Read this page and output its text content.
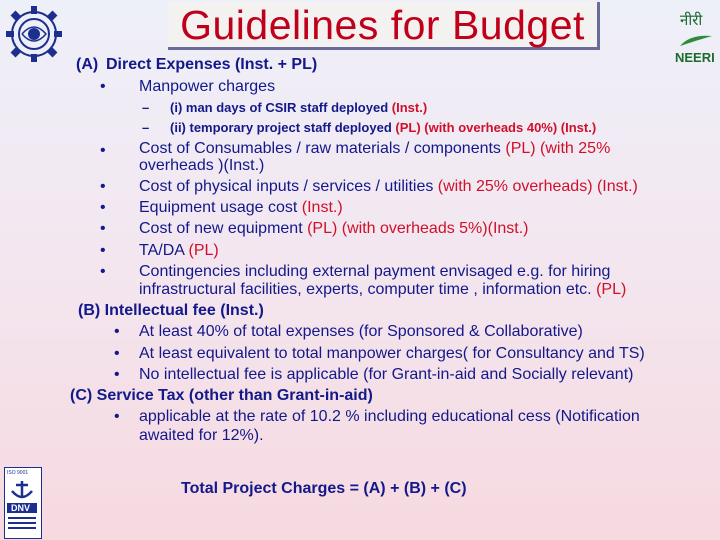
Guidelines for Budget	नीरी
NEERI
ISO 9001
DNV
(A) Direct Expenses (Inst. + PL)
• Manpower charges
– (i) man days of CSIR staff deployed (Inst.)
– (ii) temporary project staff deployed (PL) (with overheads 40%) (Inst.)
• Cost of Consumables / raw materials / components (PL) (with 25%
overheads )(Inst.)
• Cost of physical inputs / services / utilities (with 25% overheads) (Inst.)
• Equipment usage cost (Inst.)
• Cost of new equipment (PL) (with overheads 5%)(Inst.)
• TA/DA (PL)
• Contingencies including external payment envisaged e.g. for hiring
infrastructural facilities, experts, computer time , information etc. (PL)
(B) Intellectual fee (Inst.)
• At least 40% of total expenses (for Sponsored & Collaborative)
• At least equivalent to total manpower charges( for Consultancy and TS)
• No intellectual fee is applicable (for Grant-in-aid and Socially relevant)
(C) Service Tax (other than Grant-in-aid)
• applicable at the rate of 10.2 % including educational cess (Notification
awaited for 12%).
Total Project Charges = (A) + (B) + (C)
